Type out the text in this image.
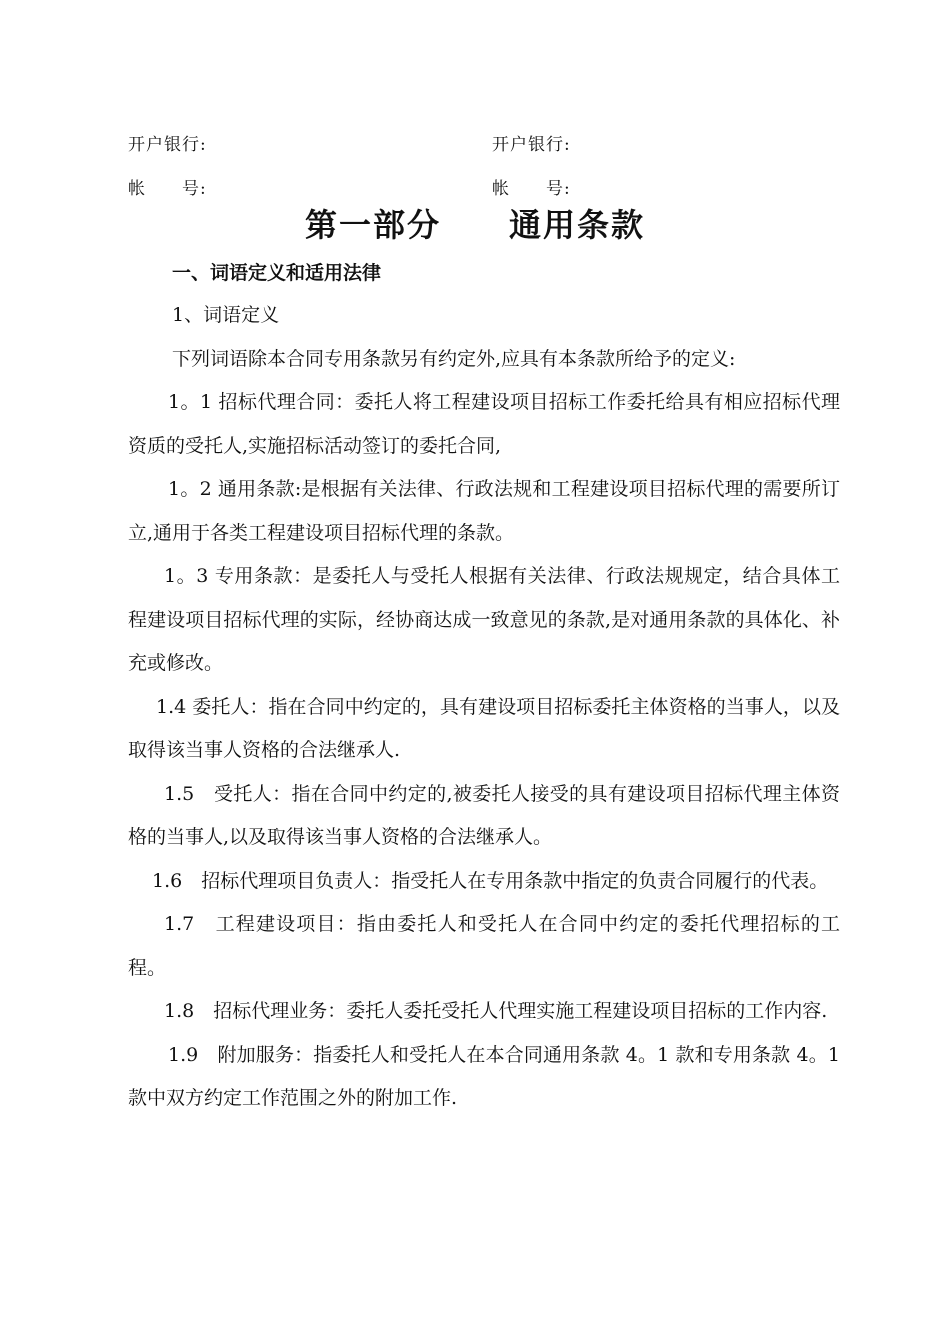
开户银行:	开户银行:
帐　　号:	帐　　号:
第一部分 通用条款
一、词语定义和适用法律

1、词语定义

下列词语除本合同专用条款另有约定外,应具有本条款所给予的定义:

1。1 招标代理合同：委托人将工程建设项目招标工作委托给具有相应招标代理资质的受托人,实施招标活动签订的委托合同,

1。2 通用条款:是根据有关法律、行政法规和工程建设项目招标代理的需要所订立,通用于各类工程建设项目招标代理的条款。

1。3 专用条款：是委托人与受托人根据有关法律、行政法规规定，结合具体工程建设项目招标代理的实际，经协商达成一致意见的条款,是对通用条款的具体化、补充或修改。

1.4 委托人：指在合同中约定的，具有建设项目招标委托主体资格的当事人，以及取得该当事人资格的合法继承人.

1.5　受托人：指在合同中约定的,被委托人接受的具有建设项目招标代理主体资格的当事人,以及取得该当事人资格的合法继承人。

1.6　招标代理项目负责人：指受托人在专用条款中指定的负责合同履行的代表。

1.7　工程建设项目：指由委托人和受托人在合同中约定的委托代理招标的工程。

1.8　招标代理业务：委托人委托受托人代理实施工程建设项目招标的工作内容.

1.9　附加服务：指委托人和受托人在本合同通用条款 4。1 款和专用条款 4。1 款中双方约定工作范围之外的附加工作.
